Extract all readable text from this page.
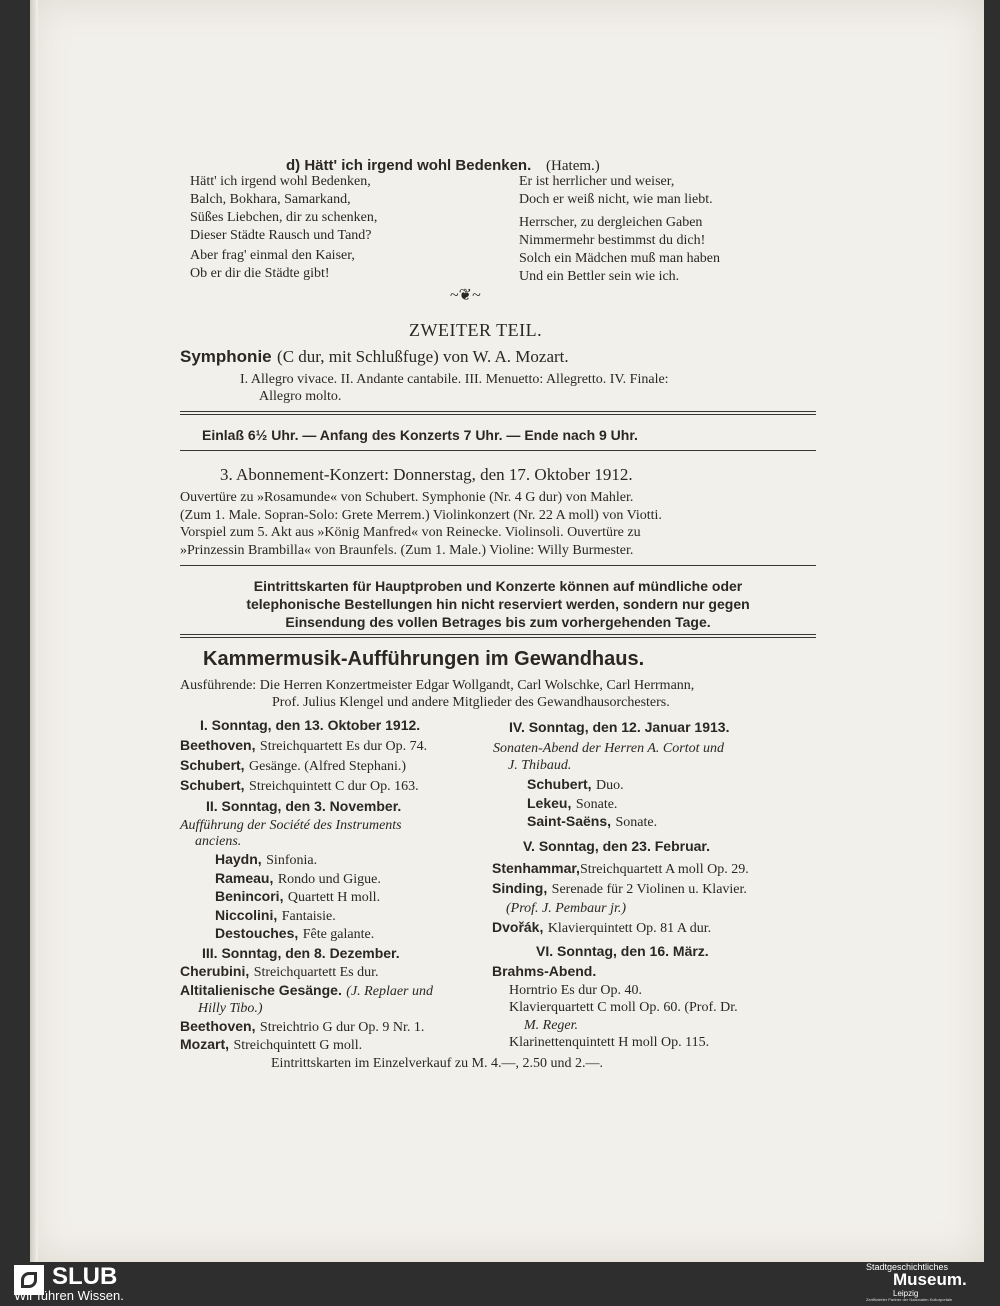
d) Hätt' ich irgend wohl Bedenken. (Hatem.)
Hätt' ich irgend wohl Bedenken,
Balch, Bokhara, Samarkand,
Süßes Liebchen, dir zu schenken,
Dieser Städte Rausch und Tand?
Aber frag' einmal den Kaiser,
Ob er dir die Städte gibt!
Er ist herrlicher und weiser,
Doch er weiß nicht, wie man liebt.
Herrscher, zu dergleichen Gaben
Nimmermehr bestimmst du dich!
Solch ein Mädchen muß man haben
Und ein Bettler sein wie ich.
~❦~
ZWEITER TEIL.
Symphonie (C dur, mit Schlußfuge) von W. A. Mozart.
I. Allegro vivace. II. Andante cantabile. III. Menuetto: Allegretto. IV. Finale:
Allegro molto.
Einlaß 6½ Uhr. — Anfang des Konzerts 7 Uhr. — Ende nach 9 Uhr.
3. Abonnement-Konzert: Donnerstag, den 17. Oktober 1912.
Ouvertüre zu »Rosamunde« von Schubert. Symphonie (Nr. 4 G dur) von Mahler.
(Zum 1. Male. Sopran-Solo: Grete Merrem.) Violinkonzert (Nr. 22 A moll) von Viotti.
Vorspiel zum 5. Akt aus »König Manfred« von Reinecke. Violinsoli. Ouvertüre zu
»Prinzessin Brambilla« von Braunfels. (Zum 1. Male.) Violine: Willy Burmester.
Eintrittskarten für Hauptproben und Konzerte können auf mündliche oder
telephonische Bestellungen hin nicht reserviert werden, sondern nur gegen
Einsendung des vollen Betrages bis zum vorhergehenden Tage.
Kammermusik-Aufführungen im Gewandhaus.
Ausführende: Die Herren Konzertmeister Edgar Wollgandt, Carl Wolschke, Carl Herrmann,
Prof. Julius Klengel und andere Mitglieder des Gewandhausorchesters.
I. Sonntag, den 13. Oktober 1912.
Beethoven, Streichquartett Es dur Op. 74.
Schubert, Gesänge. (Alfred Stephani.)
Schubert, Streichquintett C dur Op. 163.
II. Sonntag, den 3. November.
Aufführung der Société des Instruments
anciens.
Haydn, Sinfonia.
Rameau, Rondo und Gigue.
Benincori, Quartett H moll.
Niccolini, Fantaisie.
Destouches, Fête galante.
III. Sonntag, den 8. Dezember.
Cherubini, Streichquartett Es dur.
Altitalienische Gesänge. (J. Replaer und
Hilly Tibo.)
Beethoven, Streichtrio G dur Op. 9 Nr. 1.
Mozart, Streichquintett G moll.
IV. Sonntag, den 12. Januar 1913.
Sonaten-Abend der Herren A. Cortot und
J. Thibaud.
Schubert, Duo.
Lekeu, Sonate.
Saint-Saëns, Sonate.
V. Sonntag, den 23. Februar.
Stenhammar,Streichquartett A moll Op. 29.
Sinding, Serenade für 2 Violinen u. Klavier.
(Prof. J. Pembaur jr.)
Dvořák, Klavierquintett Op. 81 A dur.
VI. Sonntag, den 16. März.
Brahms-Abend.
Horntrio Es dur Op. 40.
Klavierquartett C moll Op. 60. (Prof. Dr.
M. Reger.
Klarinettenquintett H moll Op. 115.
Eintrittskarten im Einzelverkauf zu M. 4.—, 2.50 und 2.—.
SLUB
Wir führen Wissen.
Stadtgeschichtliches
Museum.
Leipzig
Zertifizierter Partner der Nationalen Kulturportale
